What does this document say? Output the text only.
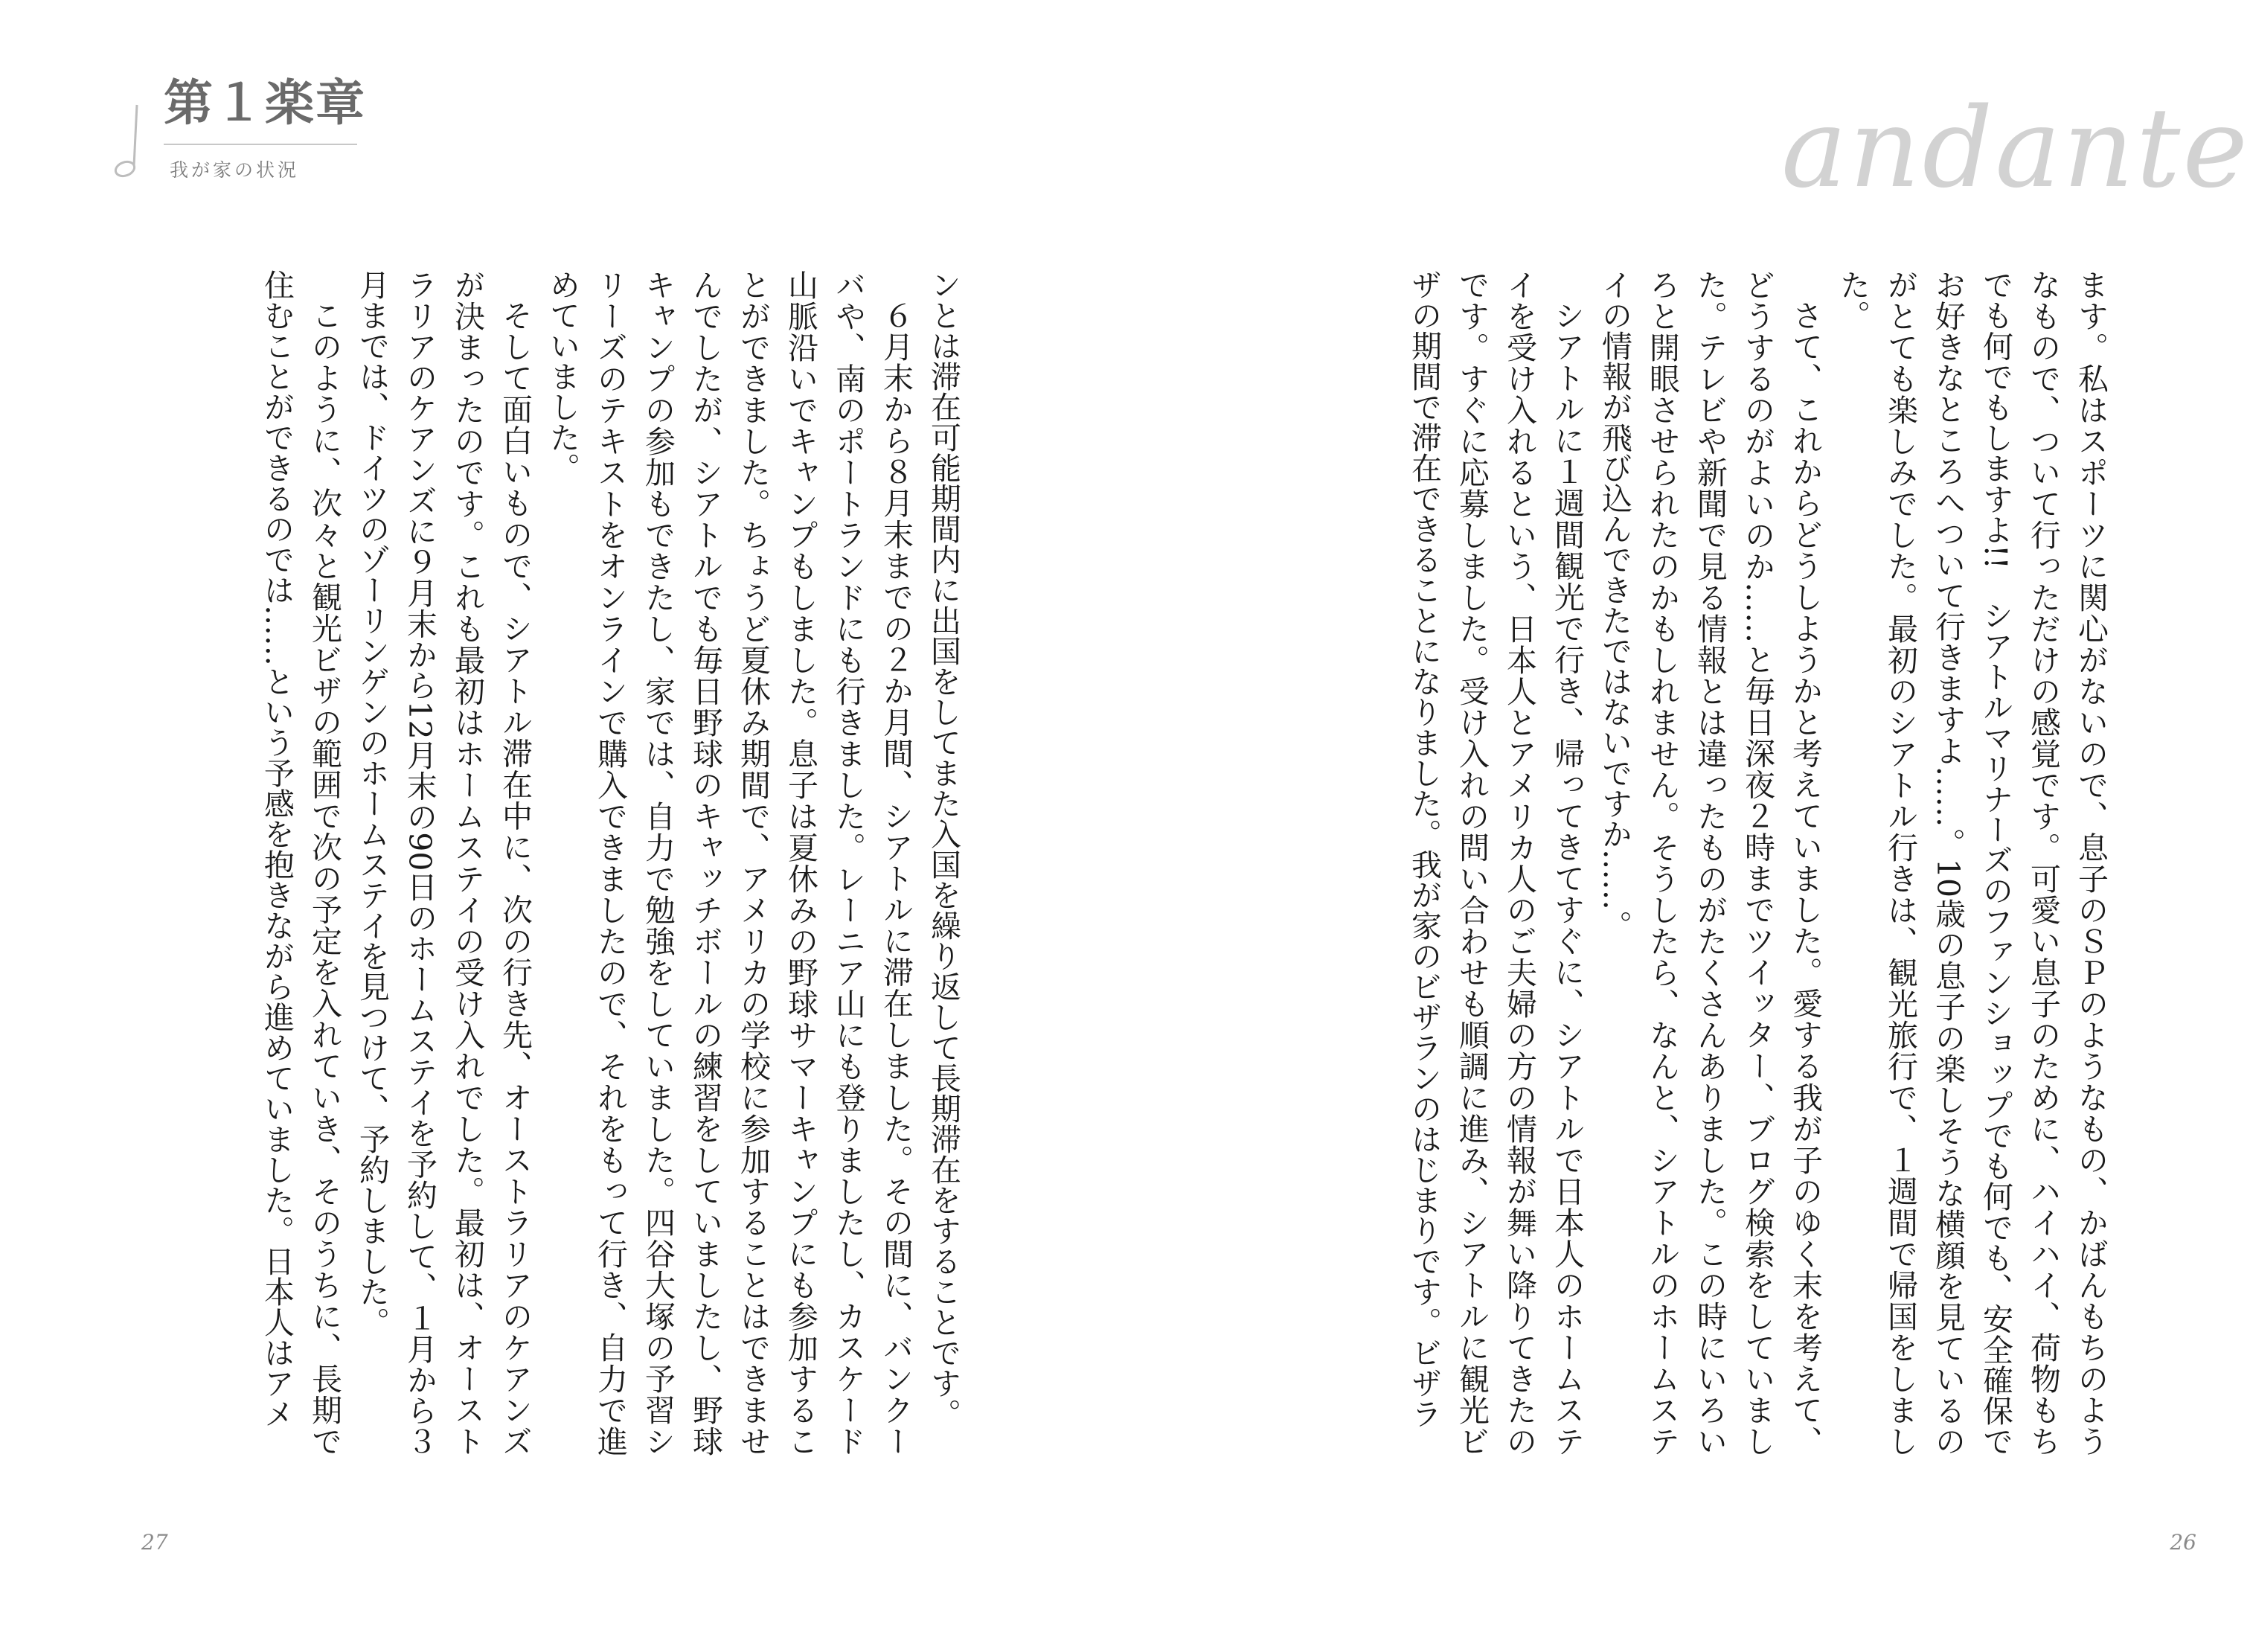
第１楽章
我が家の状況

ンとは滞在可能期間内に出国をしてまた入国を繰り返して長期滞在をすることです。

６月末から８月末までの２か月間、シアトルに滞在しました。その間に、バンクーバや、南のポートランドにも行きました。レーニア山にも登りましたし、カスケード山脈沿いでキャンプもしました。息子は夏休みの野球サマーキャンプにも参加することができました。ちょうど夏休み期間で、アメリカの学校に参加することはできませんでしたが、シアトルでも毎日野球のキャッチボールの練習をしていましたし、野球キャンプの参加もできたし、家では、自力で勉強をしていました。四谷大塚の予習シリーズのテキストをオンラインで購入できましたので、それをもって行き、自力で進めていました。

そして面白いもので、シアトル滞在中に、次の行き先、オーストラリアのケアンズが決まったのです。これも最初はホームステイの受け入れでした。最初は、オーストラリアのケアンズに９月末から12月末の90日のホームステイを予約して、１月から３月までは、ドイツのゾーリンゲンのホームステイを見つけて、予約しました。

このように、次々と観光ビザの範囲で次の予定を入れていき、そのうちに、長期で住むことができるのでは……という予感を抱きながら進めていました。日本人はアメ

27
andante

ます。私はスポーツに関心がないので、息子のＳＰのようなもの、かばんもちのようなもので、ついて行っただけの感覚です。可愛い息子のために、ハイハイ、荷物もちでも何でもしますよ!!　シアトルマリナーズのファンショップでも何でも、安全確保でお好きなところへついて行きますよ……。10歳の息子の楽しそうな横顔を見ているのがとても楽しみでした。最初のシアトル行きは、観光旅行で、１週間で帰国をしました。

さて、これからどうしようかと考えていました。愛する我が子のゆく末を考えて、どうするのがよいのか……と毎日深夜２時までツイッター、ブログ検索をしていました。テレビや新聞で見る情報とは違ったものがたくさんありました。この時にいろいろと開眼させられたのかもしれません。そうしたら、なんと、シアトルのホームステイの情報が飛び込んできたではないですか……。

シアトルに１週間観光で行き、帰ってきてすぐに、シアトルで日本人のホームステイを受け入れるという、日本人とアメリカ人のご夫婦の方の情報が舞い降りてきたのです。すぐに応募しました。受け入れの問い合わせも順調に進み、シアトルに観光ビザの期間で滞在できることになりました。我が家のビザランのはじまりです。ビザラ

26
